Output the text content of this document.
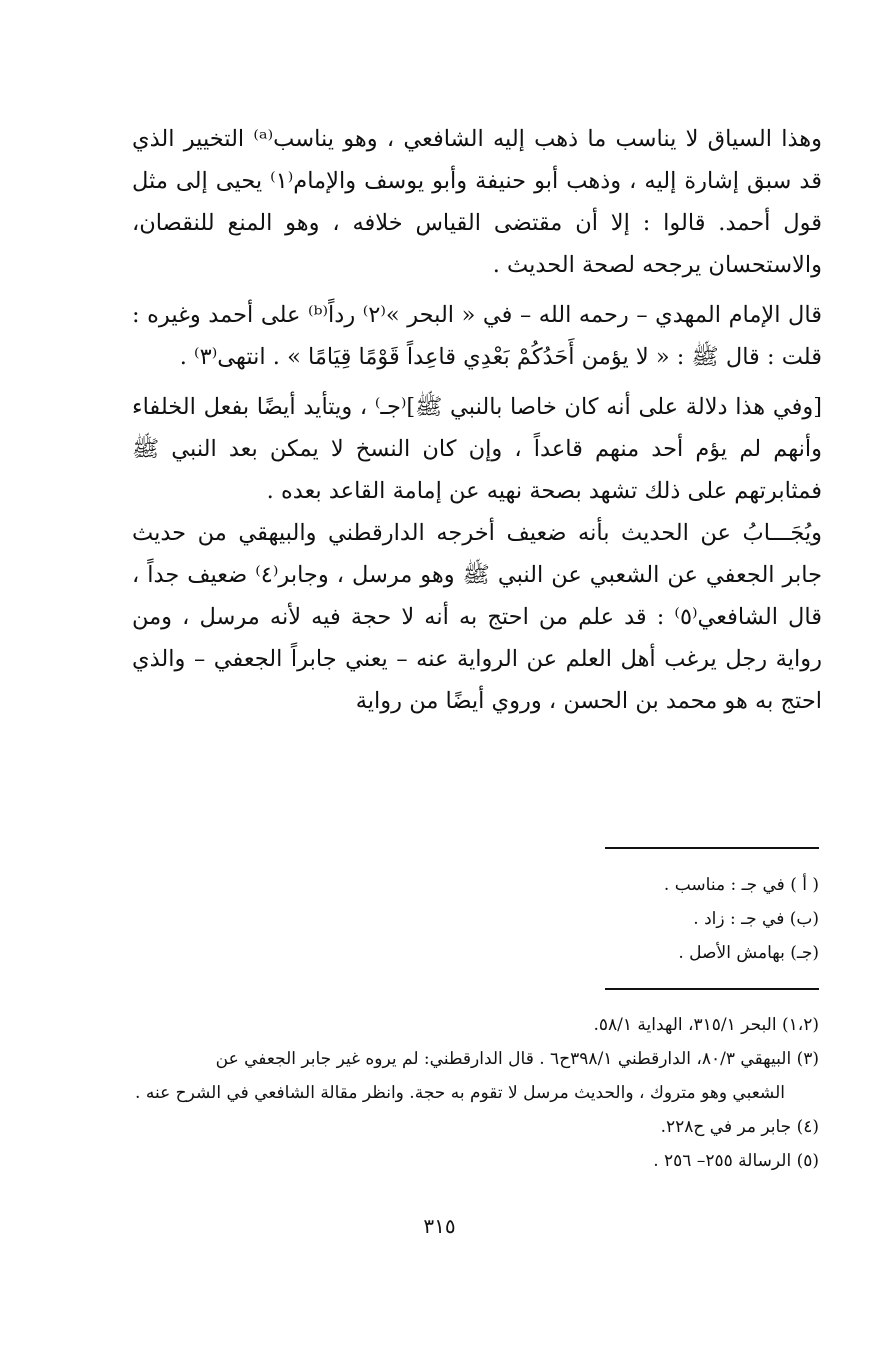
وهذا السياق لا يناسب ما ذهب إليه الشافعي ، وهو يناسب⁽ᵃ⁾ التخيير الذي قد سبق إشارة إليه ، وذهب أبو حنيفة وأبو يوسف والإمام⁽١⁾ يحيى إلى مثل قول أحمد. قالوا : إلا أن مقتضى القياس خلافه ، وهو المنع للنقصان، والاستحسان يرجحه لصحة الحديث .

قال الإمام المهدي – رحمه الله – في « البحر »⁽٢⁾ رداً⁽ᵇ⁾ على أحمد وغيره : قلت : قال ﷺ : « لا يؤمن أَحَدُكُمْ بَعْدِي قاعِداً قَوْمًا قِيَامًا » . انتهى⁽٣⁾ .

[وفي هذا دلالة على أنه كان خاصا بالنبي ﷺ]⁽جـ⁾ ، ويتأيد أيضًا بفعل الخلفاء وأنهم لم يؤم أحد منهم قاعداً ، وإن كان النسخ لا يمكن بعد النبي ﷺ فمثابرتهم على ذلك تشهد بصحة نهيه عن إمامة القاعد بعده .

ويُجَـــابُ عن الحديث بأنه ضعيف أخرجه الدارقطني والبيهقي من حديث جابر الجعفي عن الشعبي عن النبي ﷺ وهو مرسل ، وجابر⁽٤⁾ ضعيف جداً ، قال الشافعي⁽٥⁾ : قد علم من احتج به أنه لا حجة فيه لأنه مرسل ، ومن رواية رجل يرغب أهل العلم عن الرواية عنه – يعني جابراً الجعفي – والذي احتج به هو محمد بن الحسن ، وروي أيضًا من رواية

( أ ) في جـ : مناسب .

(ب) في جـ : زاد .

(جـ) بهامش الأصل .

(١،٢) البحر ٣١٥/١، الهداية ٥٨/١.

(٣) البيهقي ٨٠/٣، الدارقطني ٣٩٨/١ح٦ . قال الدارقطني: لم يروه غير جابر الجعفي عن

الشعبي وهو متروك ، والحديث مرسل لا تقوم به حجة. وانظر مقالة الشافعي في الشرح عنه .

(٤) جابر مر في ح٢٢٨.

(٥) الرسالة ٢٥٥– ٢٥٦ .

٣١٥
